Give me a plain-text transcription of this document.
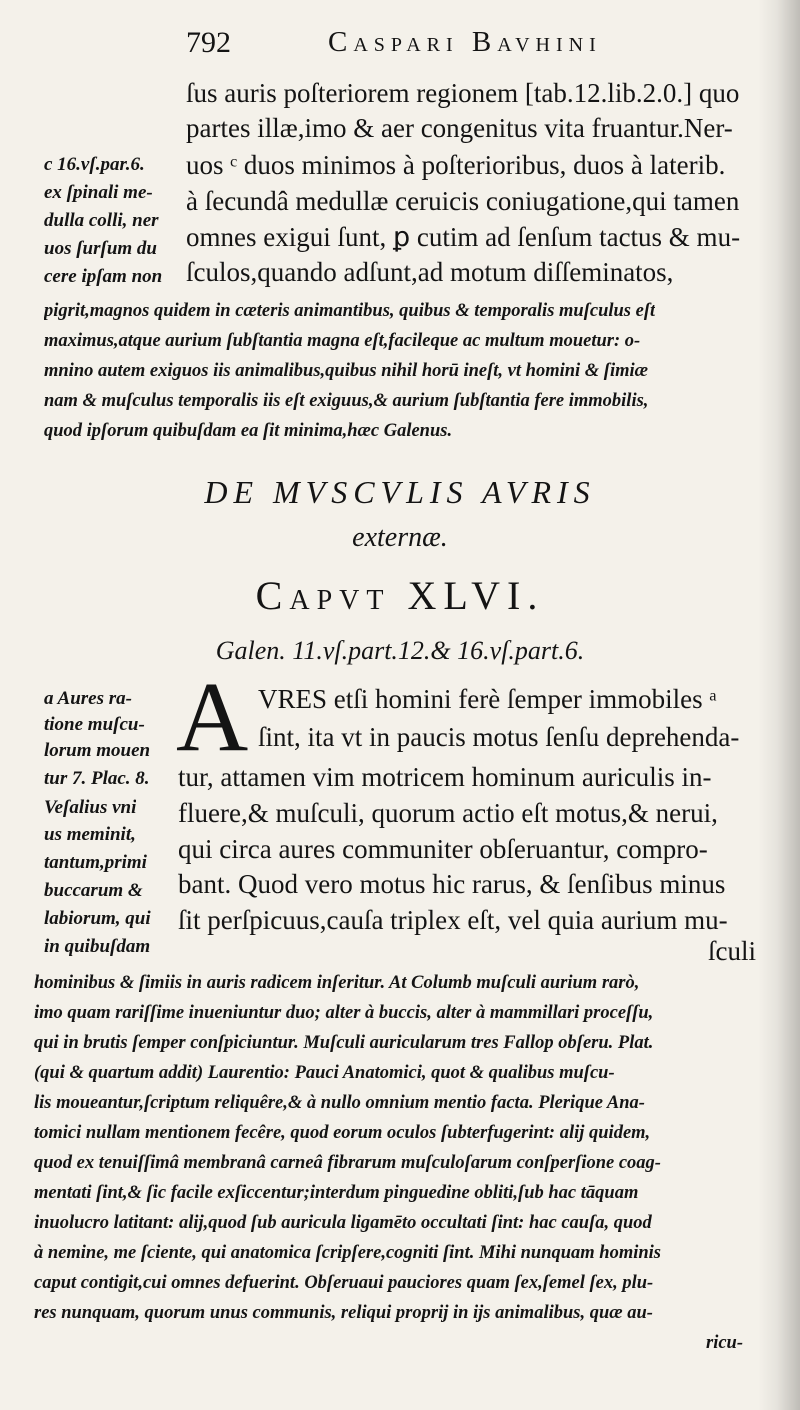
792	Caspari Bavhini
ſus auris poſteriorem regionem [tab.12.lib.2.0.] quo
partes illæ,imo & aer congenitus vita fruantur.Ner-
uos ᶜ duos minimos à poſterioribus, duos à laterib.
à ſecundâ medullæ ceruicis coniugatione,qui tamen
omnes exigui ſunt, ꝑ cutim ad ſenſum tactus & mu-
ſculos,quando adſunt,ad motum diſſeminatos,
c 16.vſ.par.6.
ex ſpinali me-
dulla colli, ner
uos ſurſum du
cere ipſam non
pigrit,magnos quidem in cæteris animantibus, quibus & temporalis muſculus eſt
maximus,atque aurium ſubſtantia magna eſt,facileque ac multum mouetur: o-
mnino autem exiguos iis animalibus,quibus nihil horū ineſt, vt homini & ſimiæ
nam & muſculus temporalis iis eſt exiguus,& aurium ſubſtantia fere immobilis,
quod ipſorum quibuſdam ea ſit minima,hæc Galenus.
DE MVSCVLIS AVRIS
externæ.
Capvt XLVI.
Galen. 11.vſ.part.12.& 16.vſ.part.6.
A VRES etſi homini ferè ſemper immobiles ᵃ
ſint, ita vt in paucis motus ſenſu deprehenda-
tur, attamen vim motricem hominum auriculis in-
fluere,& muſculi, quorum actio eſt motus,& nerui,
qui circa aures communiter obſeruantur, compro-
bant. Quod vero motus hic rarus, & ſenſibus minus
ſit perſpicuus,cauſa triplex eſt, vel quia aurium mu-
ſculi
a Aures ra-
tione muſcu-
lorum mouen
tur 7. Plac. 8.
Veſalius vni
us meminit,
tantum,primi
buccarum &
labiorum, qui
in quibuſdam
hominibus & ſimiis in auris radicem inſeritur. At Columb muſculi aurium rarò,
imo quam rariſſime inueniuntur duo; alter à buccis, alter à mammillari proceſſu,
qui in brutis ſemper conſpiciuntur. Muſculi auricularum tres Fallop obſeru. Plat.
(qui & quartum addit) Laurentio: Pauci Anatomici, quot & qualibus muſcu-
lis moueantur,ſcriptum reliquêre,& à nullo omnium mentio facta. Plerique Ana-
tomici nullam mentionem fecêre, quod eorum oculos ſubterfugerint: alij quidem,
quod ex tenuiſſimâ membranâ carneâ fibrarum muſculoſarum conſperſione coag-
mentati ſint,& ſic facile exſiccentur;interdum pinguedine obliti,ſub hac tāquam
inuolucro latitant: alij,quod ſub auricula ligamēto occultati ſint: hac cauſa, quod
à nemine, me ſciente, qui anatomica ſcripſere,cogniti ſint. Mihi nunquam hominis
caput contigit,cui omnes defuerint. Obſeruaui pauciores quam ſex,ſemel ſex, plu-
res nunquam, quorum unus communis, reliqui proprij in ijs animalibus, quæ au-
ricu-
